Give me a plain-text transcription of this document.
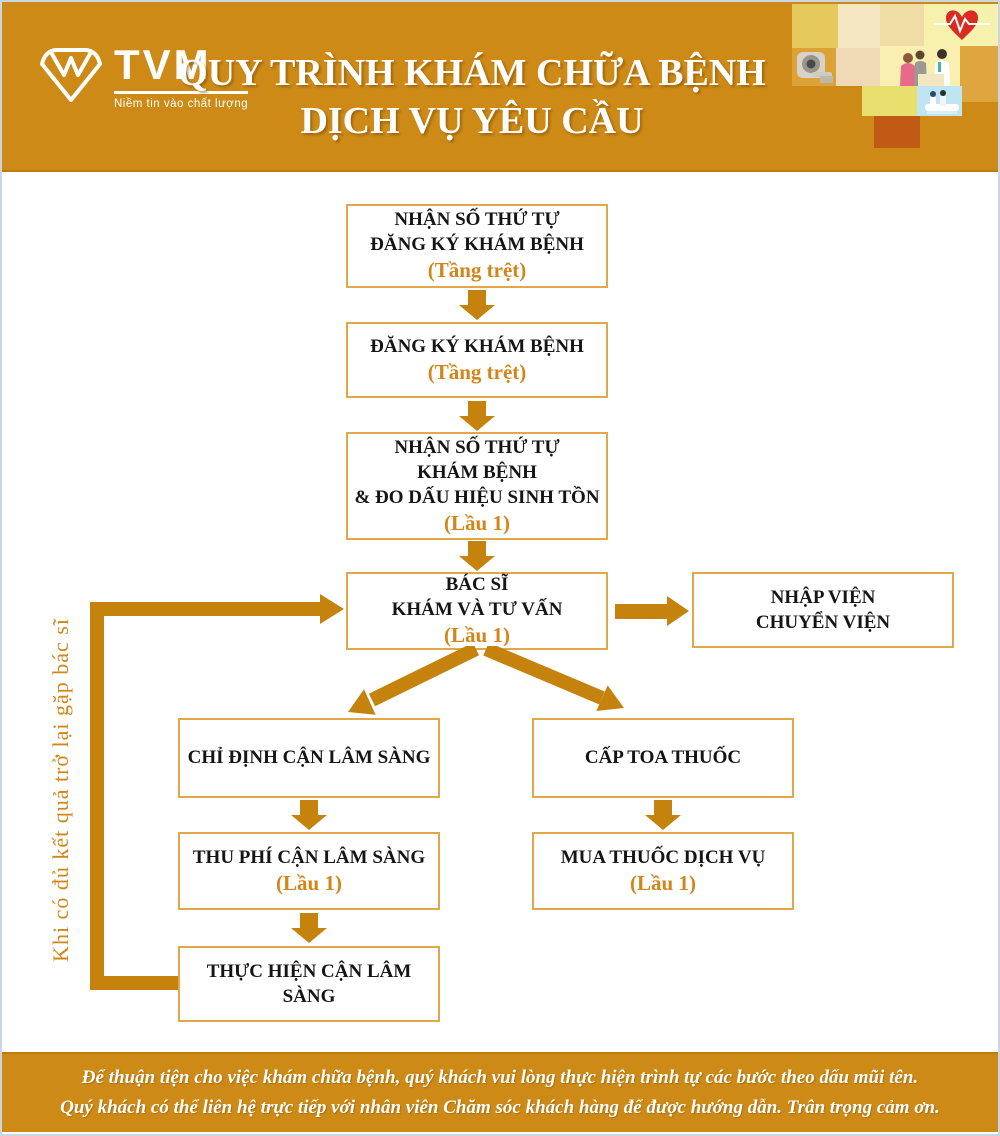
TVM
Niềm tin vào chất lượng
QUY TRÌNH KHÁM CHỮA BỆNH
DỊCH VỤ YÊU CẦU
NHẬN SỐ THỨ TỰ
ĐĂNG KÝ KHÁM BỆNH
(Tầng trệt)
ĐĂNG KÝ KHÁM BỆNH
(Tầng trệt)
NHẬN SỐ THỨ TỰ
KHÁM BỆNH
& ĐO DẤU HIỆU SINH TỒN
(Lầu 1)
BÁC SĨ
KHÁM VÀ TƯ VẤN
(Lầu 1)
NHẬP VIỆN
CHUYỂN VIỆN
CHỈ ĐỊNH CẬN LÂM SÀNG
THU PHÍ CẬN LÂM SÀNG
(Lầu 1)
THỰC HIỆN CẬN LÂM SÀNG
CẤP TOA THUỐC
MUA THUỐC DỊCH VỤ
(Lầu 1)
Khi có đủ kết quả trở lại gặp bác sĩ
Để thuận tiện cho việc khám chữa bệnh, quý khách vui lòng thực hiện trình tự các bước theo dấu mũi tên.
Quý khách có thể liên hệ trực tiếp với nhân viên Chăm sóc khách hàng để được hướng dẫn. Trân trọng cảm ơn.
